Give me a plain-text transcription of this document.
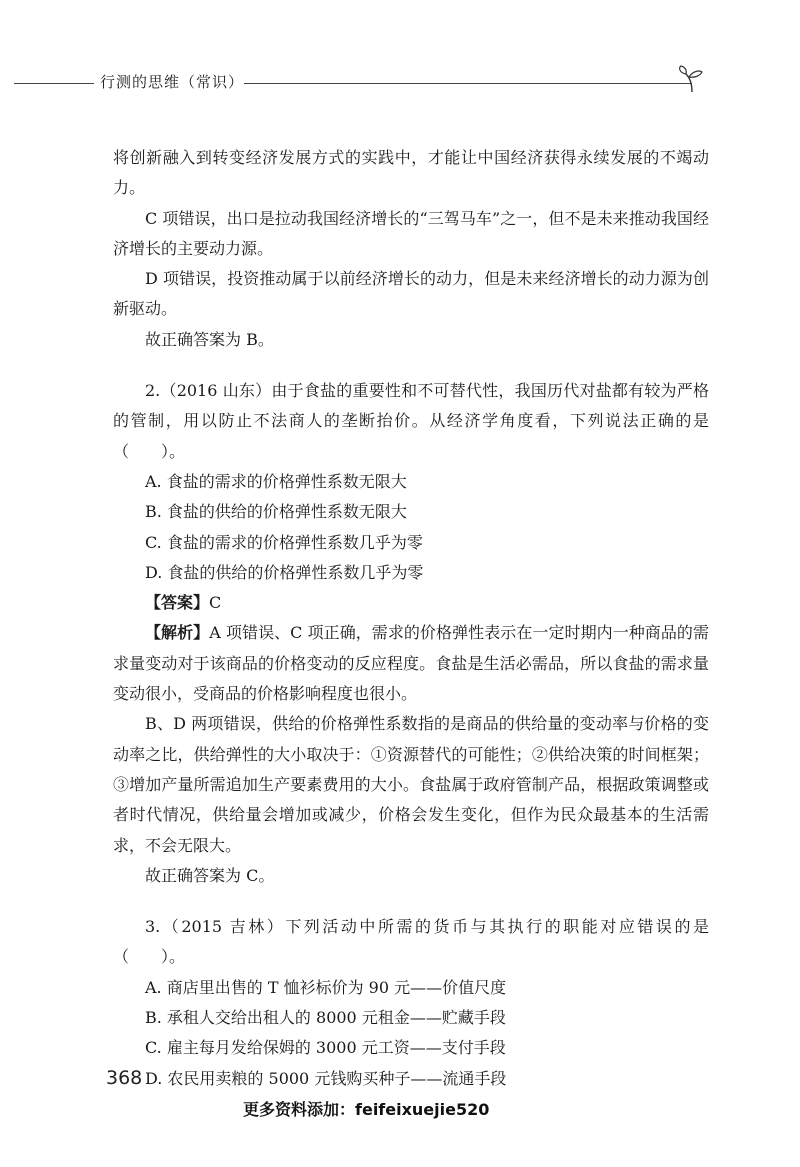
行测的思维（常识）

将创新融入到转变经济发展方式的实践中，才能让中国经济获得永续发展的不竭动力。

C 项错误，出口是拉动我国经济增长的“三驾马车”之一，但不是未来推动我国经济增长的主要动力源。

D 项错误，投资推动属于以前经济增长的动力，但是未来经济增长的动力源为创新驱动。

故正确答案为 B。

2.（2016 山东）由于食盐的重要性和不可替代性，我国历代对盐都有较为严格的管制，用以防止不法商人的垄断抬价。从经济学角度看，下列说法正确的是（　　）。

A. 食盐的需求的价格弹性系数无限大

B. 食盐的供给的价格弹性系数无限大

C. 食盐的需求的价格弹性系数几乎为零

D. 食盐的供给的价格弹性系数几乎为零

【答案】C

【解析】A 项错误、C 项正确，需求的价格弹性表示在一定时期内一种商品的需求量变动对于该商品的价格变动的反应程度。食盐是生活必需品，所以食盐的需求量变动很小，受商品的价格影响程度也很小。

B、D 两项错误，供给的价格弹性系数指的是商品的供给量的变动率与价格的变动率之比，供给弹性的大小取决于：①资源替代的可能性；②供给决策的时间框架；③增加产量所需追加生产要素费用的大小。食盐属于政府管制产品，根据政策调整或者时代情况，供给量会增加或减少，价格会发生变化，但作为民众最基本的生活需求，不会无限大。

故正确答案为 C。

3.（2015 吉林）下列活动中所需的货币与其执行的职能对应错误的是（　　）。

A. 商店里出售的 T 恤衫标价为 90 元——价值尺度

B. 承租人交给出租人的 8000 元租金——贮藏手段

C. 雇主每月发给保姆的 3000 元工资——支付手段

D. 农民用卖粮的 5000 元钱购买种子——流通手段

368
更多资料添加：feifeixuejie520
